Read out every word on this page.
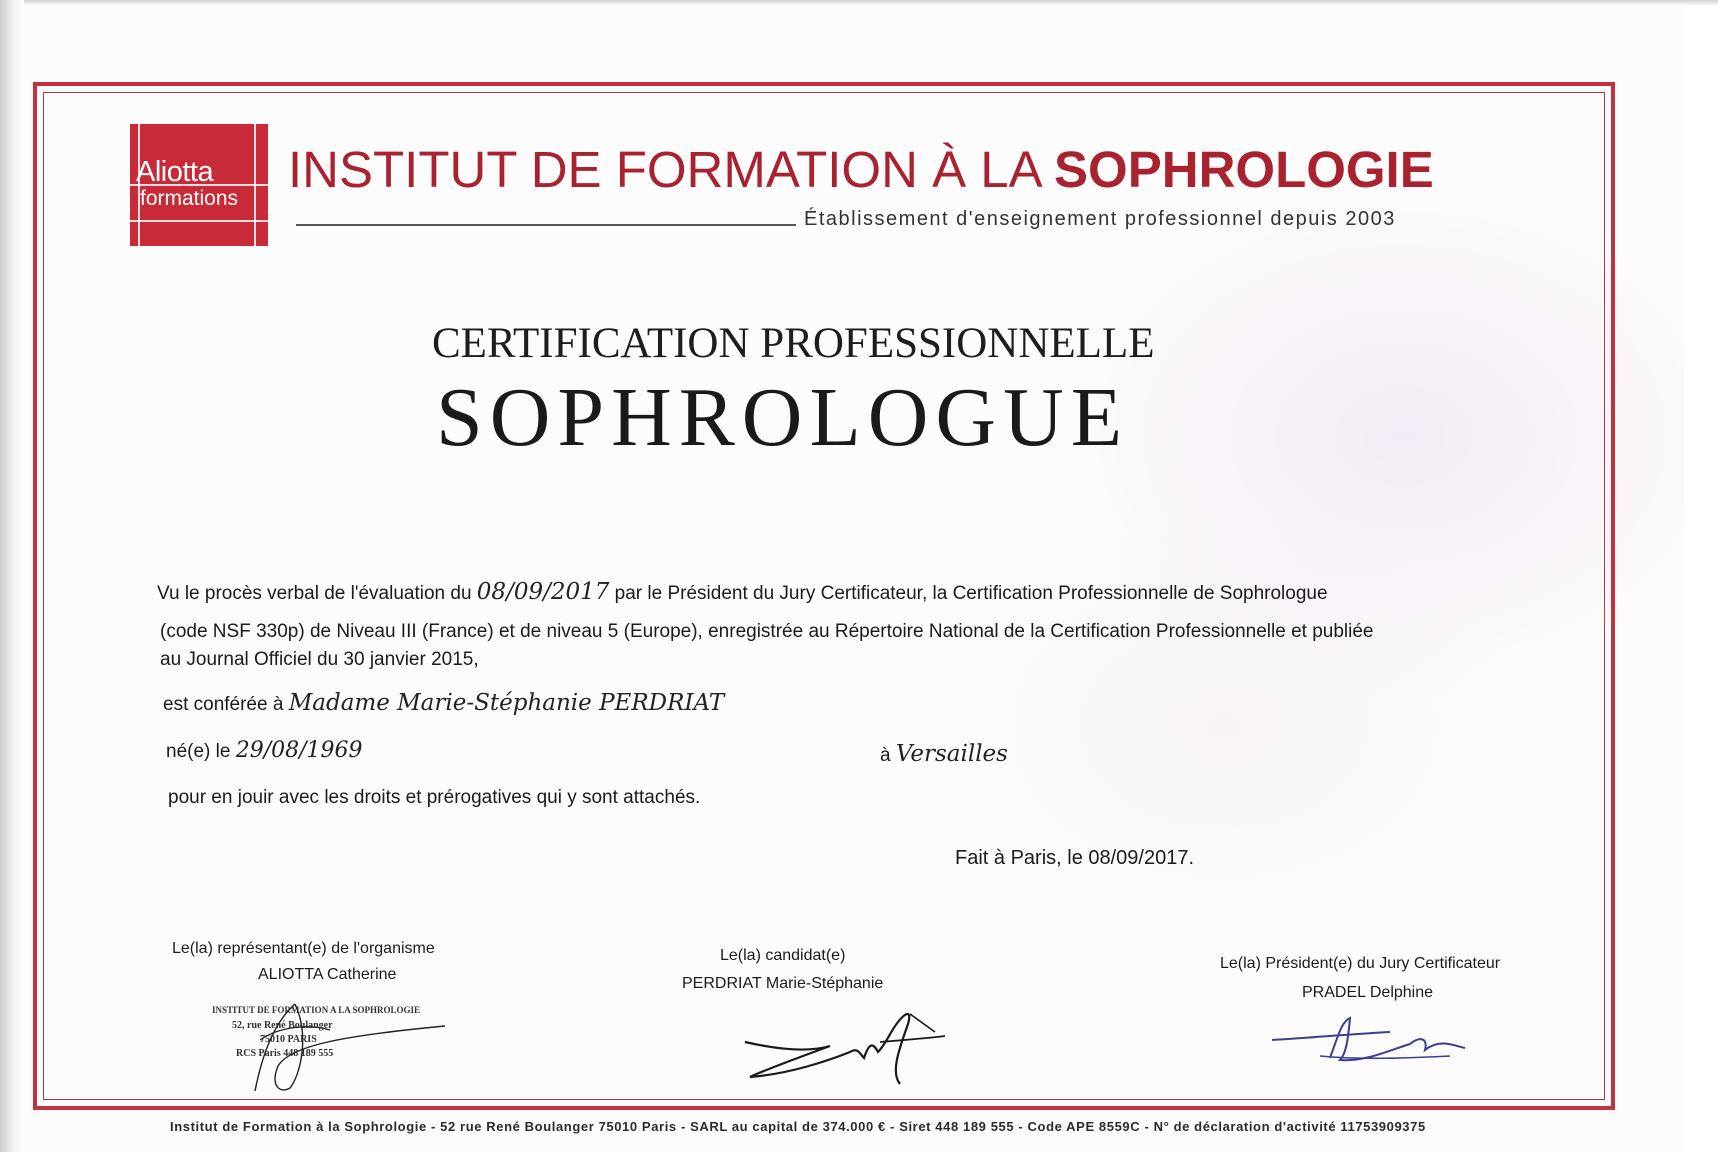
Aliotta
formations
INSTITUT DE FORMATION À LA SOPHROLOGIE
Établissement d'enseignement professionnel depuis 2003
CERTIFICATION PROFESSIONNELLE
SOPHROLOGUE
Vu le procès verbal de l'évaluation du 08/09/2017 par le Président du Jury Certificateur, la Certification Professionnelle de Sophrologue
(code NSF 330p) de Niveau III (France) et de niveau 5 (Europe), enregistrée au Répertoire National de la Certification Professionnelle et publiée
au Journal Officiel du 30 janvier 2015,
est conférée à Madame Marie-Stéphanie PERDRIAT
né(e) le 29/08/1969	à Versailles
pour en jouir avec les droits et prérogatives qui y sont attachés.
Fait à Paris, le 08/09/2017.
Le(la) représentant(e) de l'organisme
ALIOTTA Catherine
INSTITUT DE FORMATION A LA SOPHROLOGIE
52, rue René Boulanger
75010 PARIS
RCS Paris 448 189 555
Le(la) candidat(e)
PERDRIAT Marie-Stéphanie
Le(la) Président(e) du Jury Certificateur
PRADEL Delphine
Institut de Formation à la Sophrologie - 52 rue René Boulanger 75010 Paris - SARL au capital de 374.000 € - Siret 448 189 555 - Code APE 8559C - N° de déclaration d'activité 11753909375
